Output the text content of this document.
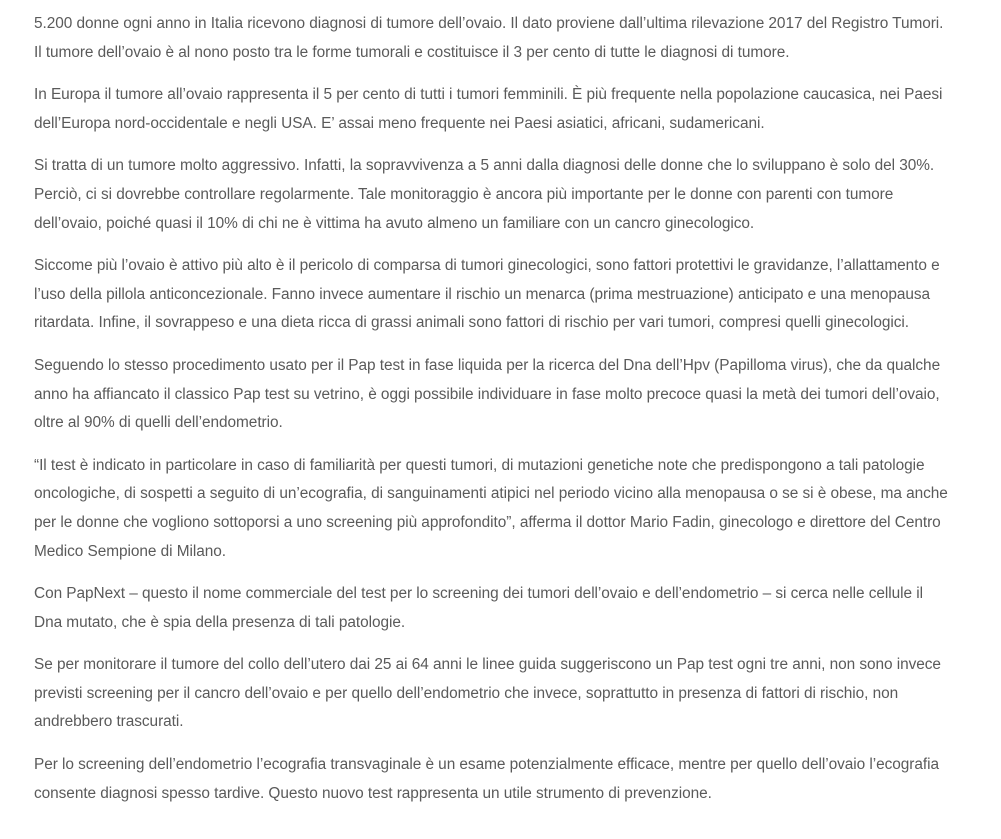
5.200 donne ogni anno in Italia ricevono diagnosi di tumore dell’ovaio. Il dato proviene dall’ultima rilevazione 2017 del Registro Tumori.
Il tumore dell’ovaio è al nono posto tra le forme tumorali e costituisce il 3 per cento di tutte le diagnosi di tumore.

In Europa il tumore all’ovaio rappresenta il 5 per cento di tutti i tumori femminili. È più frequente nella popolazione caucasica, nei Paesi
dell’Europa nord-occidentale e negli USA. E’ assai meno frequente nei Paesi asiatici, africani, sudamericani.

Si tratta di un tumore molto aggressivo. Infatti, la sopravvivenza a 5 anni dalla diagnosi delle donne che lo sviluppano è solo del 30%.
Perciò, ci si dovrebbe controllare regolarmente. Tale monitoraggio è ancora più importante per le donne con parenti con tumore
dell’ovaio, poiché quasi il 10% di chi ne è vittima ha avuto almeno un familiare con un cancro ginecologico.

Siccome più l’ovaio è attivo più alto è il pericolo di comparsa di tumori ginecologici, sono fattori protettivi le gravidanze, l’allattamento e
l’uso della pillola anticoncezionale. Fanno invece aumentare il rischio un menarca (prima mestruazione) anticipato e una menopausa
ritardata. Infine, il sovrappeso e una dieta ricca di grassi animali sono fattori di rischio per vari tumori, compresi quelli ginecologici.

Seguendo lo stesso procedimento usato per il Pap test in fase liquida per la ricerca del Dna dell’Hpv (Papilloma virus), che da qualche
anno ha affiancato il classico Pap test su vetrino, è oggi possibile individuare in fase molto precoce quasi la metà dei tumori dell’ovaio,
oltre al 90% di quelli dell’endometrio.

“Il test è indicato in particolare in caso di familiarità per questi tumori, di mutazioni genetiche note che predispongono a tali patologie
oncologiche, di sospetti a seguito di un’ecografia, di sanguinamenti atipici nel periodo vicino alla menopausa o se si è obese, ma anche
per le donne che vogliono sottoporsi a uno screening più approfondito”, afferma il dottor Mario Fadin, ginecologo e direttore del Centro
Medico Sempione di Milano.

Con PapNext – questo il nome commerciale del test per lo screening dei tumori dell’ovaio e dell’endometrio – si cerca nelle cellule il
Dna mutato, che è spia della presenza di tali patologie.

Se per monitorare il tumore del collo dell’utero dai 25 ai 64 anni le linee guida suggeriscono un Pap test ogni tre anni, non sono invece
previsti screening per il cancro dell’ovaio e per quello dell’endometrio che invece, soprattutto in presenza di fattori di rischio, non
andrebbero trascurati.

Per lo screening dell’endometrio l’ecografia transvaginale è un esame potenzialmente efficace, mentre per quello dell’ovaio l’ecografia
consente diagnosi spesso tardive. Questo nuovo test rappresenta un utile strumento di prevenzione.
